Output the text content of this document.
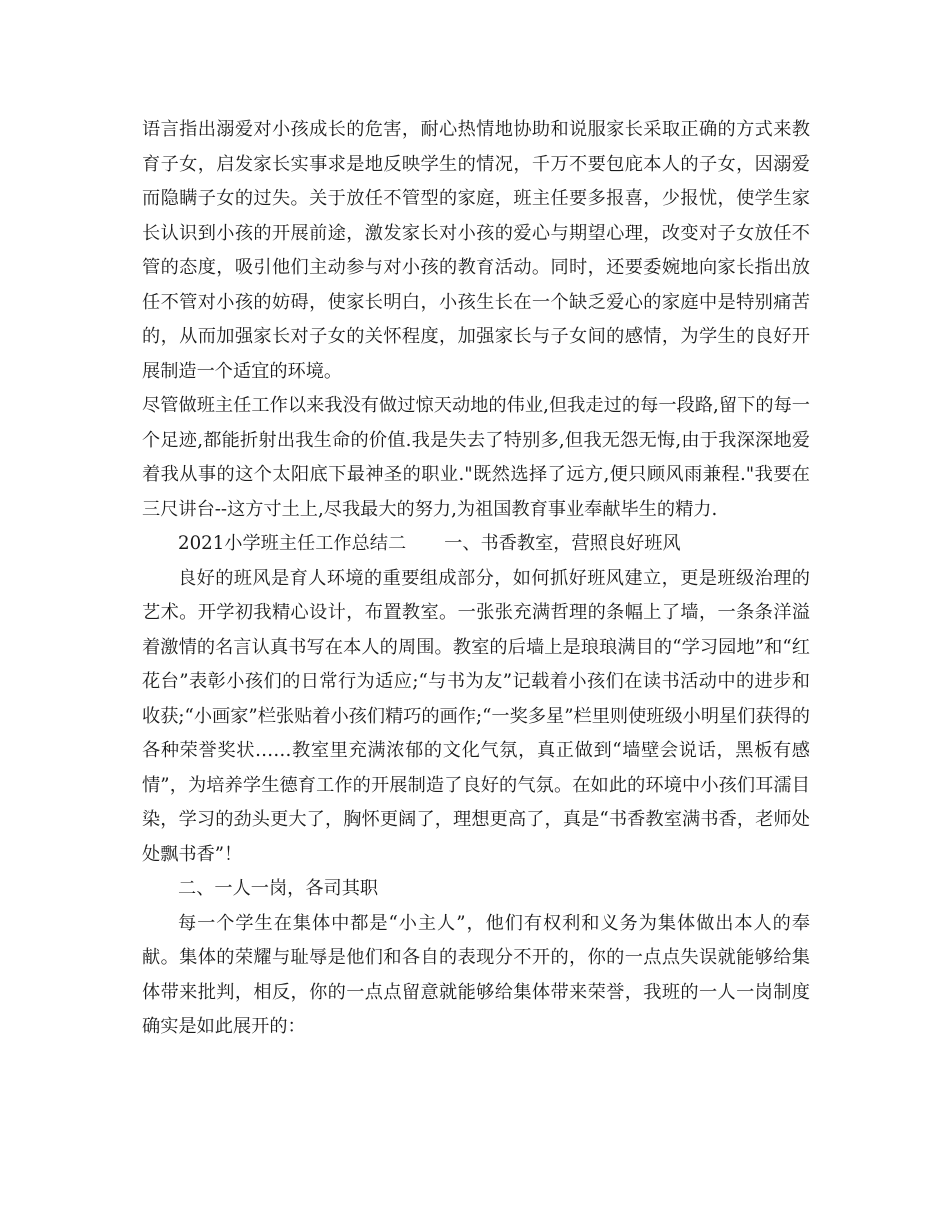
语言指出溺爱对小孩成长的危害，耐心热情地协助和说服家长采取正确的方式来教育子女，启发家长实事求是地反映学生的情况，千万不要包庇本人的子女，因溺爱而隐瞒子女的过失。关于放任不管型的家庭，班主任要多报喜，少报忧，使学生家长认识到小孩的开展前途，激发家长对小孩的爱心与期望心理，改变对子女放任不管的态度，吸引他们主动参与对小孩的教育活动。同时，还要委婉地向家长指出放任不管对小孩的妨碍，使家长明白，小孩生长在一个缺乏爱心的家庭中是特别痛苦的，从而加强家长对子女的关怀程度，加强家长与子女间的感情，为学生的良好开展制造一个适宜的环境。

尽管做班主任工作以来我没有做过惊天动地的伟业,但我走过的每一段路,留下的每一个足迹,都能折射出我生命的价值.我是失去了特别多,但我无怨无悔,由于我深深地爱着我从事的这个太阳底下最神圣的职业."既然选择了远方,便只顾风雨兼程."我要在三尺讲台--这方寸土上,尽我最大的努力,为祖国教育事业奉献毕生的精力.

2021小学班主任工作总结二 一、书香教室，营照良好班风

良好的班风是育人环境的重要组成部分，如何抓好班风建立，更是班级治理的艺术。开学初我精心设计，布置教室。一张张充满哲理的条幅上了墙，一条条洋溢着激情的名言认真书写在本人的周围。教室的后墙上是琅琅满目的“学习园地”和“红花台”表彰小孩们的日常行为适应;“与书为友”记载着小孩们在读书活动中的进步和收获;“小画家”栏张贴着小孩们精巧的画作;“一奖多星”栏里则使班级小明星们获得的各种荣誉奖状……教室里充满浓郁的文化气氛，真正做到“墙壁会说话，黑板有感情”，为培养学生德育工作的开展制造了良好的气氛。在如此的环境中小孩们耳濡目染，学习的劲头更大了，胸怀更阔了，理想更高了，真是“书香教室满书香，老师处处飘书香”！

二、一人一岗，各司其职

每一个学生在集体中都是“小主人”，他们有权利和义务为集体做出本人的奉献。集体的荣耀与耻辱是他们和各自的表现分不开的，你的一点点失误就能够给集体带来批判，相反，你的一点点留意就能够给集体带来荣誉，我班的一人一岗制度确实是如此展开的：
